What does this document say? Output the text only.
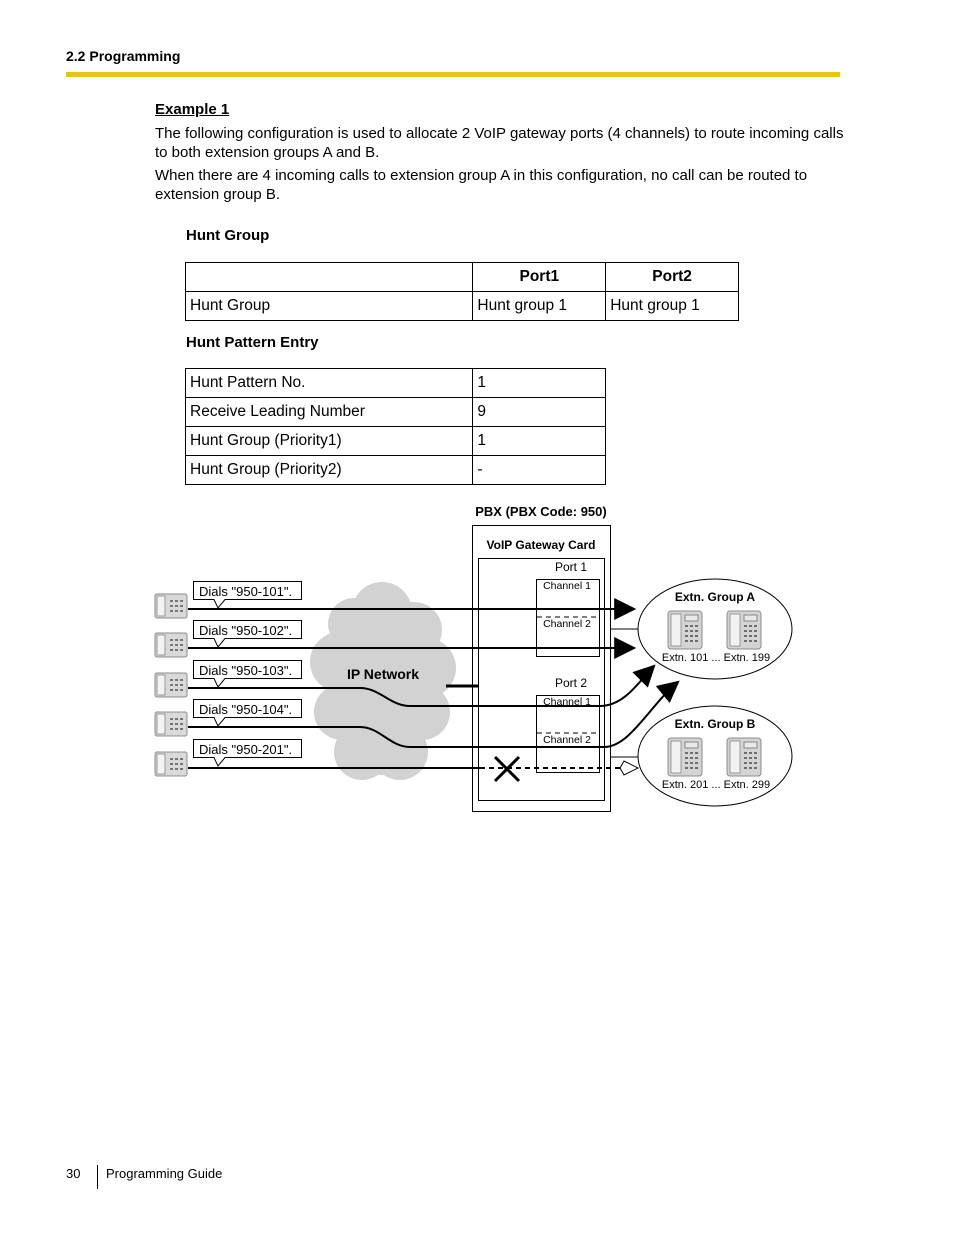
2.2 Programming
Example 1
The following configuration is used to allocate 2 VoIP gateway ports (4 channels) to route incoming calls to both extension groups A and B.
When there are 4 incoming calls to extension group A in this configuration, no call can be routed to extension group B.
Hunt Group
	Port1	Port2
Hunt Group	Hunt group 1	Hunt group 1
Hunt Pattern Entry
Hunt Pattern No.	1
Receive Leading Number	9
Hunt Group (Priority1)	1
Hunt Group (Priority2)	-
IP Network
PBX (PBX Code: 950)
VoIP Gateway Card
Port 1
Channel 1
Channel 2
Port 2
Channel 1
Channel 2
Extn. Group A
Extn. 101 ... Extn. 199
Extn. Group B
Extn. 201 ... Extn. 299
Dials "950-101".
Dials "950-102".
Dials "950-103".
Dials "950-104".
Dials "950-201".
30 Programming Guide
